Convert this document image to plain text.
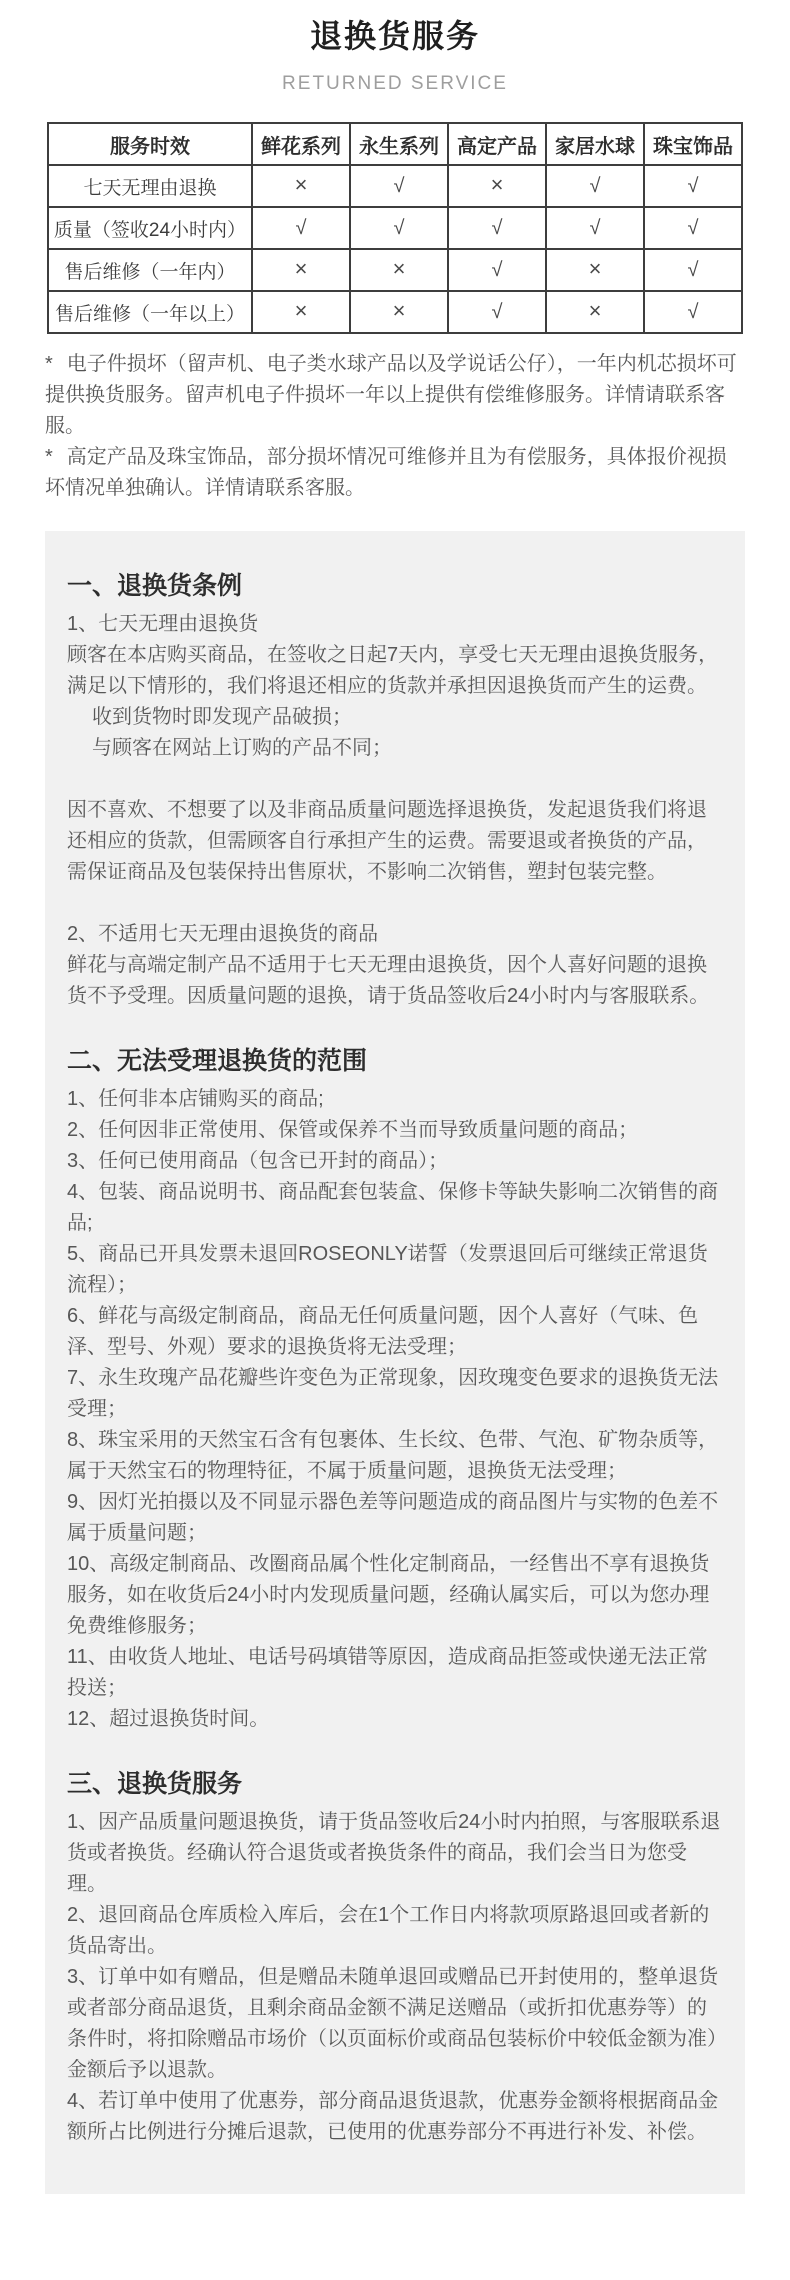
退换货服务
RETURNED SERVICE
服务时效	鲜花系列	永生系列	高定产品	家居水球	珠宝饰品
七天无理由退换	×	√	×	√	√
质量（签收24小时内）	√	√	√	√	√
售后维修（一年内）	×	×	√	×	√
售后维修（一年以上）	×	×	√	×	√

* 电子件损坏（留声机、电子类水球产品以及学说话公仔），一年内机芯损坏可提供换货服务。留声机电子件损坏一年以上提供有偿维修服务。详情请联系客服。

* 高定产品及珠宝饰品，部分损坏情况可维修并且为有偿服务，具体报价视损坏情况单独确认。详情请联系客服。

一、退换货条例

1、七天无理由退换货

顾客在本店购买商品，在签收之日起7天内，享受七天无理由退换货服务，满足以下情形的，我们将退还相应的货款并承担因退换货而产生的运费。

收到货物时即发现产品破损；

与顾客在网站上订购的产品不同；

因不喜欢、不想要了以及非商品质量问题选择退换货，发起退货我们将退还相应的货款，但需顾客自行承担产生的运费。需要退或者换货的产品，需保证商品及包装保持出售原状，不影响二次销售，塑封包装完整。

2、不适用七天无理由退换货的商品

鲜花与高端定制产品不适用于七天无理由退换货，因个人喜好问题的退换货不予受理。因质量问题的退换，请于货品签收后24小时内与客服联系。

二、无法受理退换货的范围

1、任何非本店铺购买的商品;

2、任何因非正常使用、保管或保养不当而导致质量问题的商品；

3、任何已使用商品（包含已开封的商品）；

4、包装、商品说明书、商品配套包装盒、保修卡等缺失影响二次销售的商品;

5、商品已开具发票未退回ROSEONLY诺誓（发票退回后可继续正常退货流程）；

6、鲜花与高级定制商品，商品无任何质量问题，因个人喜好（气味、色泽、型号、外观）要求的退换货将无法受理；

7、永生玫瑰产品花瓣些许变色为正常现象，因玫瑰变色要求的退换货无法受理；

8、珠宝采用的天然宝石含有包裹体、生长纹、色带、气泡、矿物杂质等，属于天然宝石的物理特征，不属于质量问题，退换货无法受理；

9、因灯光拍摄以及不同显示器色差等问题造成的商品图片与实物的色差不属于质量问题；

10、高级定制商品、改圈商品属个性化定制商品，一经售出不享有退换货服务，如在收货后24小时内发现质量问题，经确认属实后，可以为您办理免费维修服务；

11、由收货人地址、电话号码填错等原因，造成商品拒签或快递无法正常投送；

12、超过退换货时间。

三、退换货服务

1、因产品质量问题退换货，请于货品签收后24小时内拍照，与客服联系退货或者换货。经确认符合退货或者换货条件的商品，我们会当日为您受理。

2、退回商品仓库质检入库后，会在1个工作日内将款项原路退回或者新的货品寄出。

3、订单中如有赠品，但是赠品未随单退回或赠品已开封使用的，整单退货或者部分商品退货，且剩余商品金额不满足送赠品（或折扣优惠券等）的条件时，将扣除赠品市场价（以页面标价或商品包装标价中较低金额为准）金额后予以退款。

4、若订单中使用了优惠券，部分商品退货退款，优惠券金额将根据商品金额所占比例进行分摊后退款，已使用的优惠券部分不再进行补发、补偿。
